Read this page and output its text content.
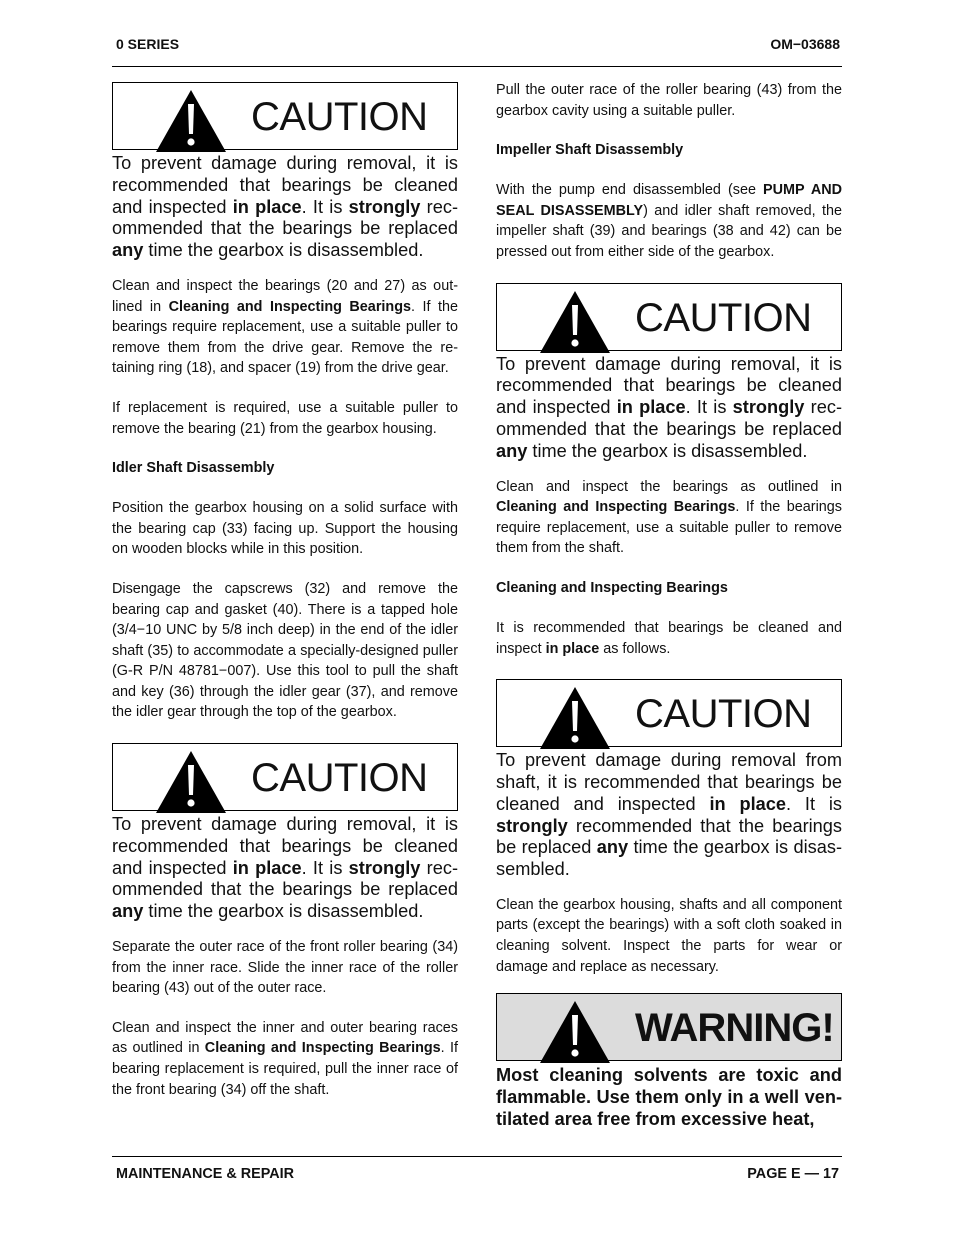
0 SERIES	OM−03688
CAUTION

To prevent damage during removal, it is recommended that bearings be cleaned and inspected in place. It is strongly recommended that the bearings be replaced any time the gearbox is disassembled.

Clean and inspect the bearings (20 and 27) as outlined in Cleaning and Inspecting Bearings. If the bearings require replacement, use a suitable puller to remove them from the drive gear. Remove the retaining ring (18), and spacer (19) from the drive gear.

If replacement is required, use a suitable puller to remove the bearing (21) from the gearbox housing.

Idler Shaft Disassembly

Position the gearbox housing on a solid surface with the bearing cap (33) facing up. Support the housing on wooden blocks while in this position.

Disengage the capscrews (32) and remove the bearing cap and gasket (40). There is a tapped hole (3/4−10 UNC by 5/8 inch deep) in the end of the idler shaft (35) to accommodate a specially-designed puller (G-R P/N 48781−007). Use this tool to pull the shaft and key (36) through the idler gear (37), and remove the idler gear through the top of the gearbox.

CAUTION

To prevent damage during removal, it is recommended that bearings be cleaned and inspected in place. It is strongly recommended that the bearings be replaced any time the gearbox is disassembled.

Separate the outer race of the front roller bearing (34) from the inner race. Slide the inner race of the roller bearing (43) out of the outer race.

Clean and inspect the inner and outer bearing races as outlined in Cleaning and Inspecting Bearings. If bearing replacement is required, pull the inner race of the front bearing (34) off the shaft.

Pull the outer race of the roller bearing (43) from the gearbox cavity using a suitable puller.

Impeller Shaft Disassembly

With the pump end disassembled (see PUMP AND SEAL DISASSEMBLY) and idler shaft removed, the impeller shaft (39) and bearings (38 and 42) can be pressed out from either side of the gearbox.

CAUTION

To prevent damage during removal, it is recommended that bearings be cleaned and inspected in place. It is strongly recommended that the bearings be replaced any time the gearbox is disassembled.

Clean and inspect the bearings as outlined in Cleaning and Inspecting Bearings. If the bearings require replacement, use a suitable puller to remove them from the shaft.

Cleaning and Inspecting Bearings

It is recommended that bearings be cleaned and inspect in place as follows.

CAUTION

To prevent damage during removal from shaft, it is recommended that bearings be cleaned and inspected in place. It is strongly recommended that the bearings be replaced any time the gearbox is disassembled.

Clean the gearbox housing, shafts and all component parts (except the bearings) with a soft cloth soaked in cleaning solvent. Inspect the parts for wear or damage and replace as necessary.

WARNING!

Most cleaning solvents are toxic and flammable. Use them only in a well ventilated area free from excessive heat,

MAINTENANCE & REPAIR	PAGE E — 17
